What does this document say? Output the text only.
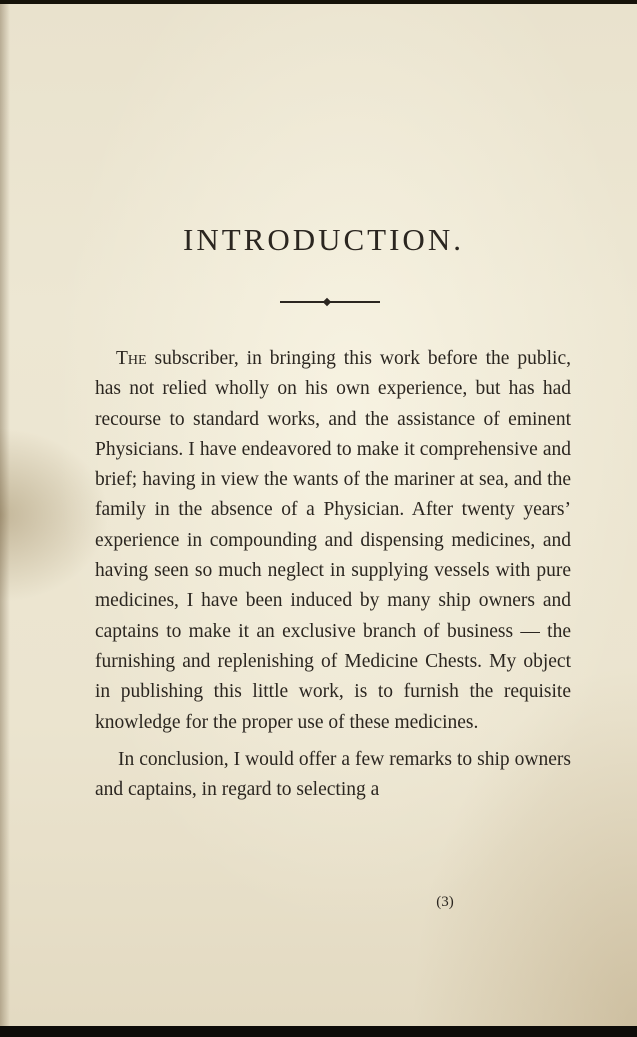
INTRODUCTION.

The subscriber, in bringing this work before the public, has not relied wholly on his own experience, but has had recourse to standard works, and the assistance of eminent Physicians. I have endeavored to make it comprehensive and brief; having in view the wants of the mariner at sea, and the family in the absence of a Physician. After twenty years’ experience in compounding and dispensing medicines, and having seen so much neglect in supplying vessels with pure medicines, I have been induced by many ship owners and captains to make it an exclusive branch of business — the furnishing and replenishing of Medicine Chests. My object in publishing this little work, is to furnish the requisite knowledge for the proper use of these medicines.

In conclusion, I would offer a few remarks to ship owners and captains, in regard to selecting a

(3)
